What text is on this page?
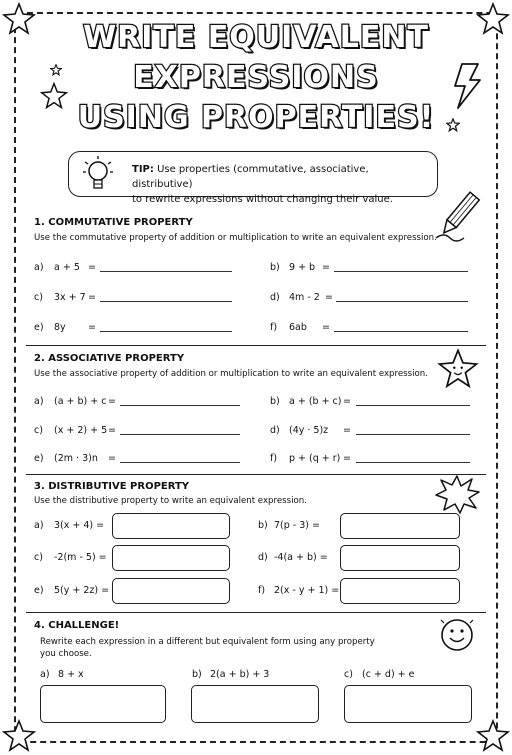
WRITE EQUIVALENT
EXPRESSIONS
USING PROPERTIES!
TIP: Use properties (commutative, associative, distributive)
to rewrite expressions without changing their value.
1. COMMUTATIVE PROPERTY
Use the commutative property of addition or multiplication to write an equivalent expression.
a) a + 5 =	b) 9 + b =
c) 3x + 7 =	d) 4m - 2 =
e) 8y =	f) 6ab =
2. ASSOCIATIVE PROPERTY
Use the associative property of addition or multiplication to write an equivalent expression.
a) (a + b) + c =	b) a + (b + c) =
c) (x + 2) + 5 =	d) (4y · 5)z =
e) (2m · 3)n =	f) p + (q + r) =
3. DISTRIBUTIVE PROPERTY
Use the distributive property to write an equivalent expression.
a) 3(x + 4) =	b) 7(p - 3) =
c) -2(m - 5) =	d) -4(a + b) =
e) 5(y + 2z) =	f) 2(x - y + 1) =
4. CHALLENGE!
Rewrite each expression in a different but equivalent form using any property
you choose.
a) 8 + x	b) 2(a + b) + 3	c) (c + d) + e
